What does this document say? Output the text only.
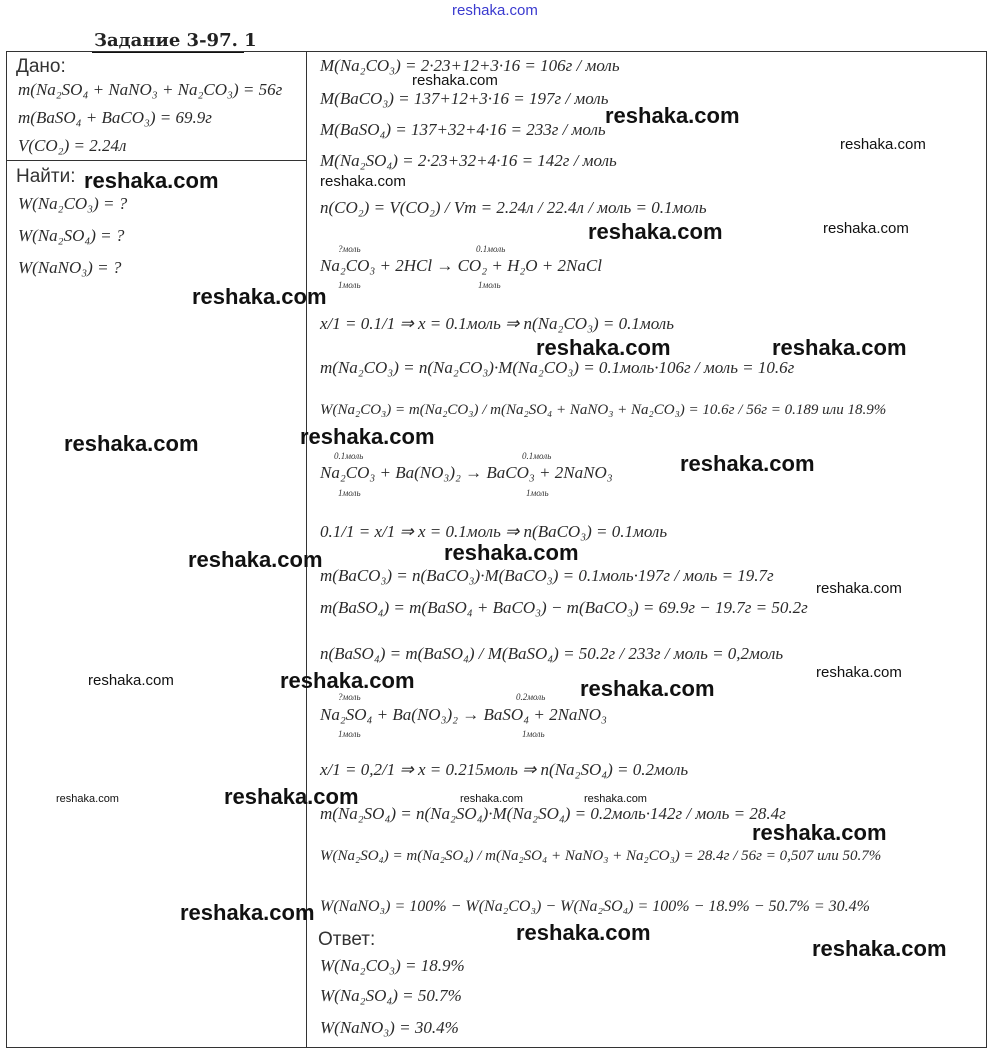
reshaka.com
Задание 3-97. 1
Дано:
m(Na₂SO₄ + NaNO₃ + Na₂CO₃) = 56г
m(BaSO₄ + BaCO₃) = 69.9г
V(CO₂) = 2.24л
Найти:
W(Na₂CO₃) = ?
W(Na₂SO₄) = ?
W(NaNO₃) = ?
M(Na₂CO₃) = 2·23+12+3·16 = 106г / моль
M(BaCO₃) = 137+12+3·16 = 197г / моль
M(BaSO₄) = 137+32+4·16 = 233г / моль
M(Na₂SO₄) = 2·23+32+4·16 = 142г / моль
n(CO₂) = V(CO₂) / Vm = 2.24л / 22.4л / моль = 0.1моль
?моль	0.1моль
Na₂CO₃ + 2HCl → CO₂ + H₂O + 2NaCl
1моль	1моль
x/1 = 0.1/1 ⇒ x = 0.1моль ⇒ n(Na₂CO₃) = 0.1моль
m(Na₂CO₃) = n(Na₂CO₃)·M(Na₂CO₃) = 0.1моль·106г / моль = 10.6г
W(Na₂CO₃) = m(Na₂CO₃) / m(Na₂SO₄ + NaNO₃ + Na₂CO₃) = 10.6г / 56г = 0.189 или 18.9%
0.1моль	0.1моль
Na₂CO₃ + Ba(NO₃)₂ → BaCO₃ + 2NaNO₃
1моль	1моль
0.1/1 = x/1 ⇒ x = 0.1моль ⇒ n(BaCO₃) = 0.1моль
m(BaCO₃) = n(BaCO₃)·M(BaCO₃) = 0.1моль·197г / моль = 19.7г
m(BaSO₄) = m(BaSO₄ + BaCO₃) − m(BaCO₃) = 69.9г − 19.7г = 50.2г
n(BaSO₄) = m(BaSO₄) / M(BaSO₄) = 50.2г / 233г / моль = 0,2моль
?моль	0.2моль
Na₂SO₄ + Ba(NO₃)₂ → BaSO₄ + 2NaNO₃
1моль	1моль
x/1 = 0,2/1 ⇒ x = 0.215моль ⇒ n(Na₂SO₄) = 0.2моль
m(Na₂SO₄) = n(Na₂SO₄)·M(Na₂SO₄) = 0.2моль·142г / моль = 28.4г
W(Na₂SO₄) = m(Na₂SO₄) / m(Na₂SO₄ + NaNO₃ + Na₂CO₃) = 28.4г / 56г = 0,507 или 50.7%
W(NaNO₃) = 100% − W(Na₂CO₃) − W(Na₂SO₄) = 100% − 18.9% − 50.7% = 30.4%
Ответ:
W(Na₂CO₃) = 18.9%
W(Na₂SO₄) = 50.7%
W(NaNO₃) = 30.4%
reshaka.com
reshaka.com
reshaka.com
reshaka.com	reshaka.com
reshaka.com	reshaka.com
reshaka.com
reshaka.com	reshaka.com
reshaka.com	reshaka.com
reshaka.com
reshaka.com
reshaka.com
reshaka.com
reshaka.com
reshaka.com	reshaka.com	reshaka.com
reshaka.com	reshaka.com	reshaka.com	reshaka.com
reshaka.com
reshaka.com
reshaka.com
reshaka.com
